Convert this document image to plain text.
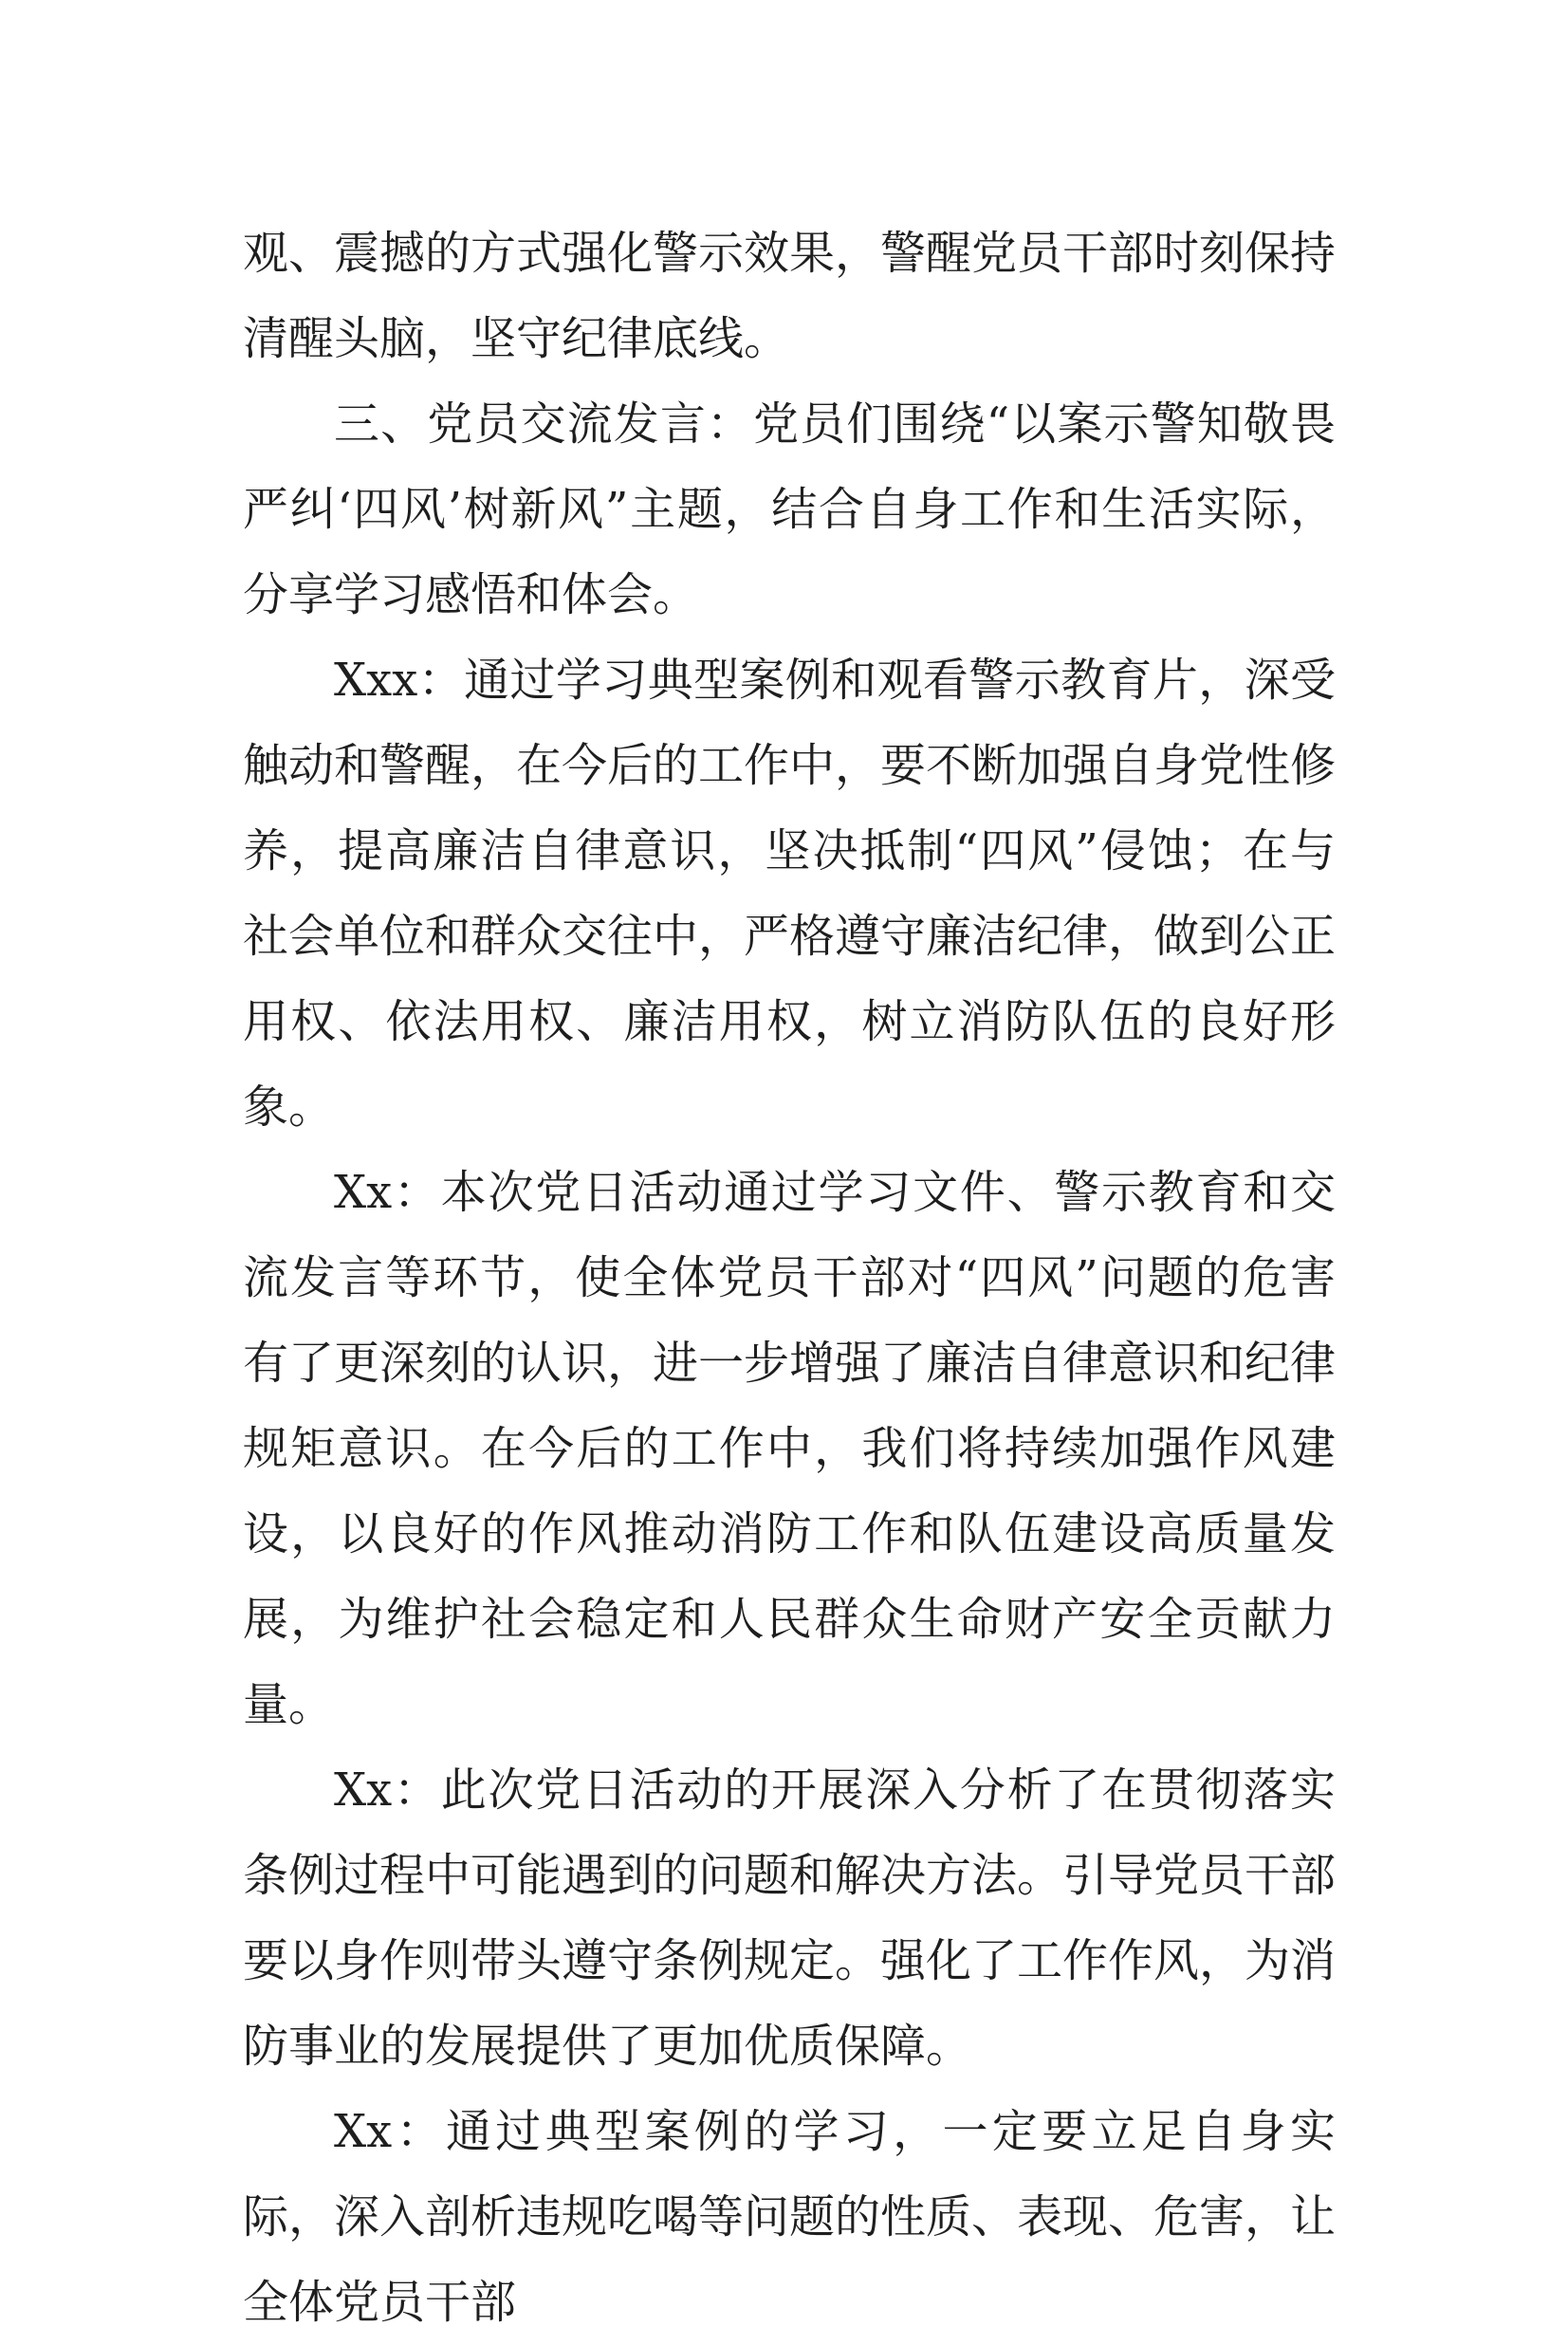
观、震撼的方式强化警示效果，警醒党员干部时刻保持清醒头脑，坚守纪律底线。

三、党员交流发言：党员们围绕“以案示警知敬畏 严纠‘四风’树新风”主题，结合自身工作和生活实际，分享学习感悟和体会。

Xxx：通过学习典型案例和观看警示教育片，深受触动和警醒，在今后的工作中，要不断加强自身党性修养，提高廉洁自律意识，坚决抵制“四风”侵蚀；在与社会单位和群众交往中，严格遵守廉洁纪律，做到公正用权、依法用权、廉洁用权，树立消防队伍的良好形象。

Xx：本次党日活动通过学习文件、警示教育和交流发言等环节，使全体党员干部对“四风”问题的危害有了更深刻的认识，进一步增强了廉洁自律意识和纪律规矩意识。在今后的工作中，我们将持续加强作风建设，以良好的作风推动消防工作和队伍建设高质量发展，为维护社会稳定和人民群众生命财产安全贡献力量。

Xx：此次党日活动的开展深入分析了在贯彻落实条例过程中可能遇到的问题和解决方法。引导党员干部要以身作则带头遵守条例规定。强化了工作作风，为消防事业的发展提供了更加优质保障。

Xx：通过典型案例的学习，一定要立足自身实际，深入剖析违规吃喝等问题的性质、表现、危害，让全体党员干部
